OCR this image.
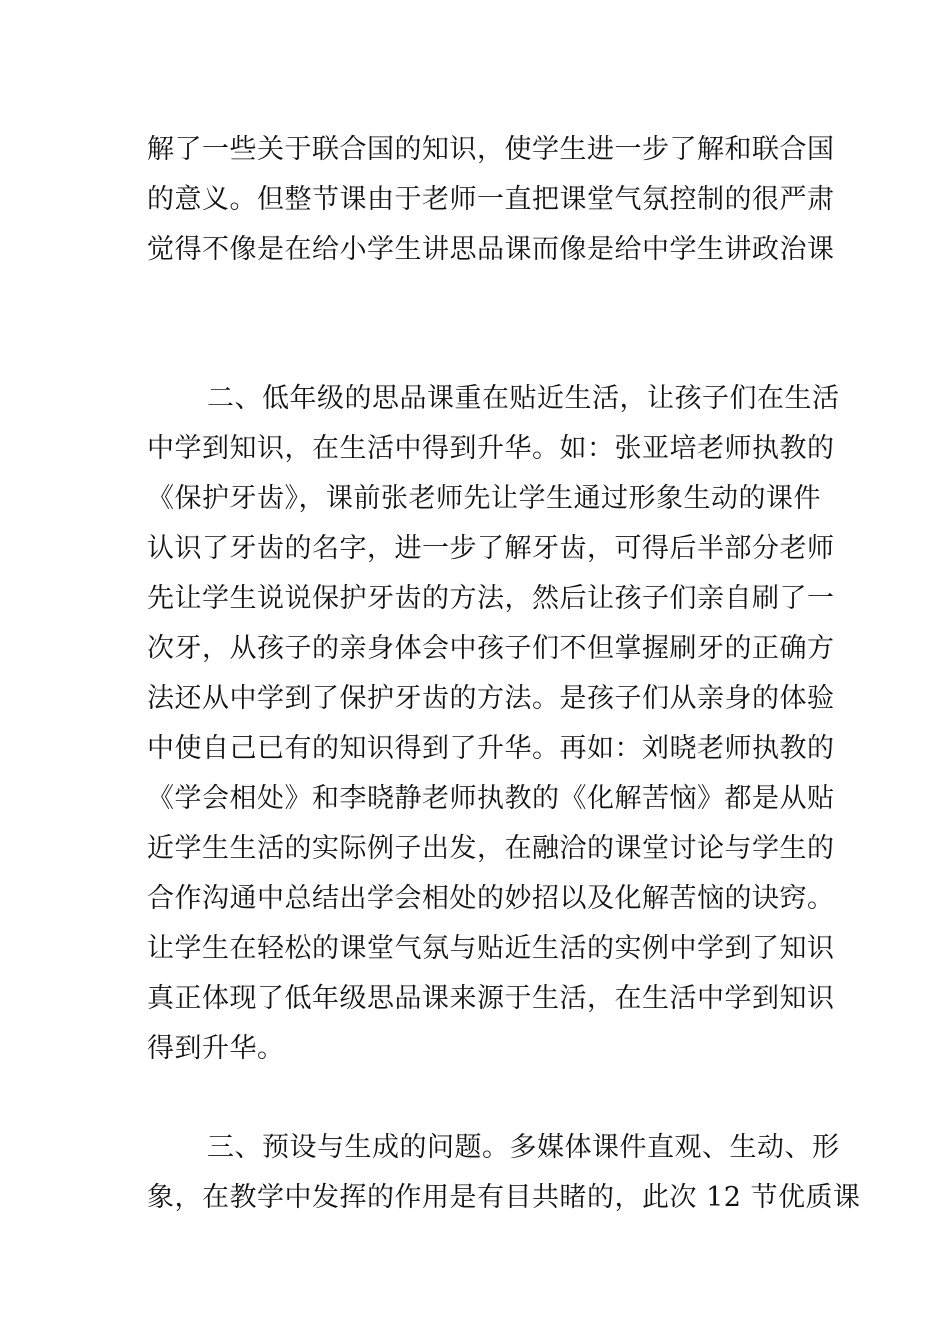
解了一些关于联合国的知识，使学生进一步了解和联合国
的意义。但整节课由于老师一直把课堂气氛控制的很严肃
觉得不像是在给小学生讲思品课而像是给中学生讲政治课
二、低年级的思品课重在贴近生活，让孩子们在生活
中学到知识，在生活中得到升华。如：张亚培老师执教的
《保护牙齿》，课前张老师先让学生通过形象生动的课件
认识了牙齿的名字，进一步了解牙齿，可得后半部分老师
先让学生说说保护牙齿的方法，然后让孩子们亲自刷了一
次牙，从孩子的亲身体会中孩子们不但掌握刷牙的正确方
法还从中学到了保护牙齿的方法。是孩子们从亲身的体验
中使自己已有的知识得到了升华。再如：刘晓老师执教的
《学会相处》和李晓静老师执教的《化解苦恼》都是从贴
近学生生活的实际例子出发，在融洽的课堂讨论与学生的
合作沟通中总结出学会相处的妙招以及化解苦恼的诀窍。
让学生在轻松的课堂气氛与贴近生活的实例中学到了知识
真正体现了低年级思品课来源于生活，在生活中学到知识
得到升华。
三、预设与生成的问题。多媒体课件直观、生动、形
象，在教学中发挥的作用是有目共睹的，此次 12 节优质课
